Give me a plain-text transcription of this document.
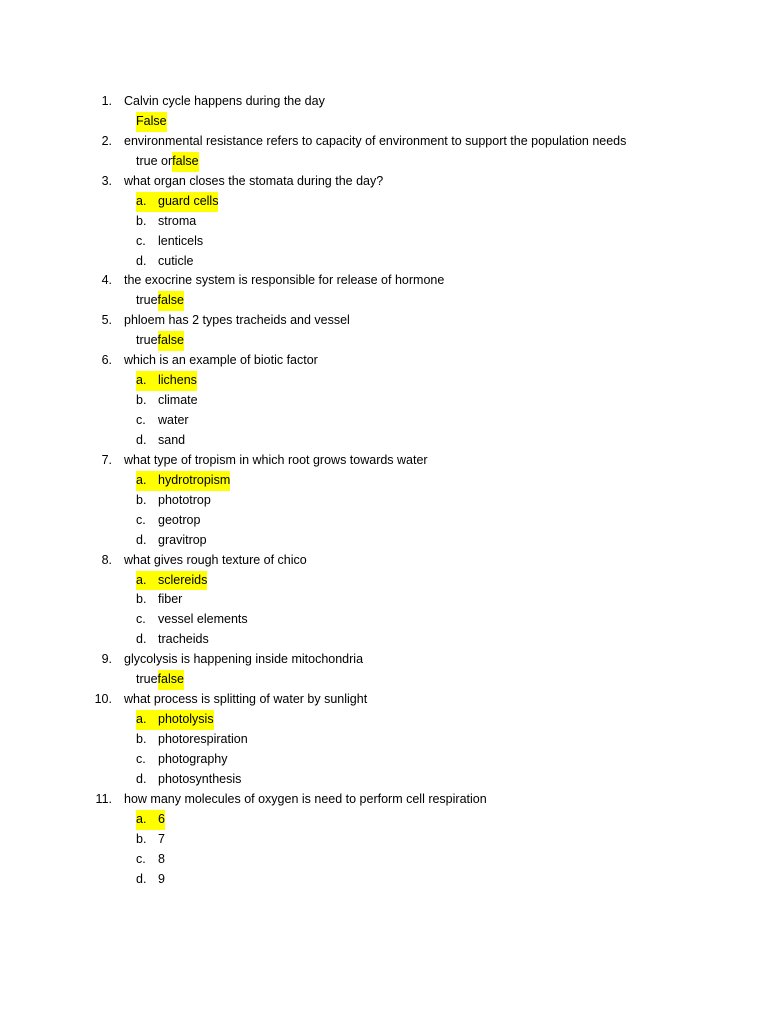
1. Calvin cycle happens during the day
False
2. environmental resistance refers to capacity of environment to support the population needs
true or false
3. what organ closes the stomata during the day?
a. guard cells
b. stroma
c. lenticels
d. cuticle
4. the exocrine system is responsible for release of hormone
true false
5. phloem has 2 types tracheids and vessel
true false
6. which is an example of biotic factor
a. lichens
b. climate
c. water
d. sand
7. what type of tropism in which root grows towards water
a. hydrotropism
b. phototrop
c. geotrop
d. gravitrop
8. what gives rough texture of chico
a. sclereids
b. fiber
c. vessel elements
d. tracheids
9. glycolysis is happening inside mitochondria
true false
10. what process is splitting of water by sunlight
a. photolysis
b. photorespiration
c. photography
d. photosynthesis
11. how many molecules of oxygen is need to perform cell respiration
a. 6
b. 7
c. 8
d. 9
